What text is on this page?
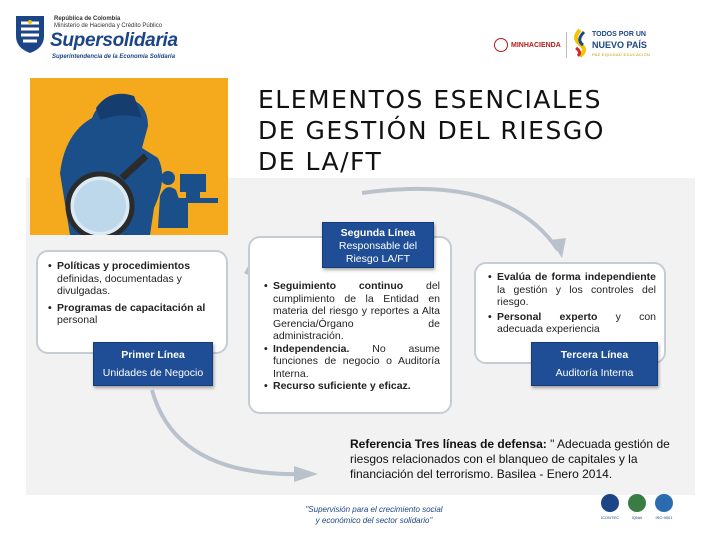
República de Colombia
Ministerio de Hacienda y Crédito Público
Supersolidaria
Superintendencia de la Economía Solidaria
MINHACIENDA
TODOS POR UN
NUEVO PAÍS
PAZ EQUIDAD EDUCACIÓN
ELEMENTOS ESENCIALES
DE GESTIÓN DEL RIESGO
DE LA/FT
• Políticas y procedimientos definidas, documentadas y divulgadas.
• Programas de capacitación al personal
• Seguimiento continuo del cumplimiento de la Entidad en materia del riesgo y reportes a Alta Gerencia/Órgano de administración.
• Independencia. No asume funciones de negocio o Auditoría Interna.
• Recurso suficiente y eficaz.
• Evalúa de forma independiente la gestión y los controles del riesgo.
• Personal experto y con adecuada experiencia
Segunda Línea
Responsable del
Riesgo LA/FT
Primer Línea
Unidades de Negocio
Tercera Línea
Auditoría Interna
Referencia Tres líneas de defensa: " Adecuada gestión de riesgos relacionados con el blanqueo de capitales y la financiación del terrorismo. Basilea - Enero 2014.
"Supervisión para el crecimiento social
y económico del sector solidario"	ICONTEC	IQNet	ISO 9001
